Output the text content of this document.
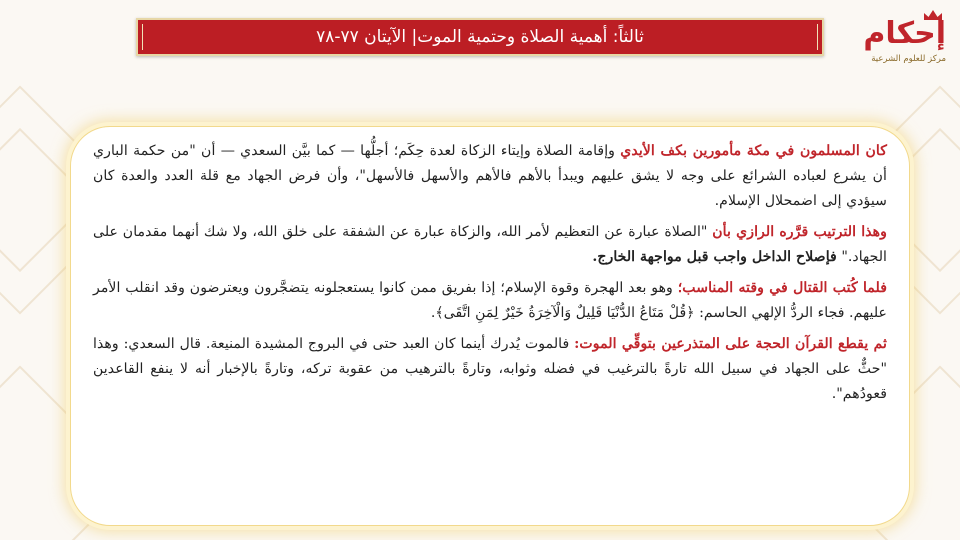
ثالثاً: أهمية الصلاة وحتمية الموت| الآيتان ٧٧-٧٨	إحكام
مركز للعلوم الشرعية

كان المسلمون في مكة مأمورين بكف الأيدي وإقامة الصلاة وإيتاء الزكاة لعدة حِكَم؛ أجلُّها — كما بيَّن السعدي — أن "من حكمة الباري أن يشرع لعباده الشرائع على وجه لا يشق عليهم ويبدأ بالأهم فالأهم والأسهل فالأسهل"، وأن فرض الجهاد مع قلة العدد والعدة كان سيؤدي إلى اضمحلال الإسلام.

وهذا الترتيب قرَّره الرازي بأن "الصلاة عبارة عن التعظيم لأمر الله، والزكاة عبارة عن الشفقة على خلق الله، ولا شك أنهما مقدمان على الجهاد." فإصلاح الداخل واجب قبل مواجهة الخارج.

فلما كُتب القتال في وقته المناسب؛ وهو بعد الهجرة وقوة الإسلام؛ إذا بفريق ممن كانوا يستعجلونه يتضجَّرون ويعترضون وقد انقلب الأمر عليهم. فجاء الردُّ الإلهي الحاسم: ﴿قُلْ مَتَاعُ الدُّنْيَا قَلِيلٌ وَالْآخِرَةُ خَيْرٌ لِمَنِ اتَّقَى﴾.

ثم يقطع القرآن الحجة على المتذرعين بتوقِّي الموت: فالموت يُدرك أينما كان العبد حتى في البروج المشيدة المنيعة. قال السعدي: وهذا "حثٌّ على الجهاد في سبيل الله تارةً بالترغيب في فضله وثوابه، وتارةً بالترهيب من عقوبة تركه، وتارةً بالإخبار أنه لا ينفع القاعدين قعودُهم".
